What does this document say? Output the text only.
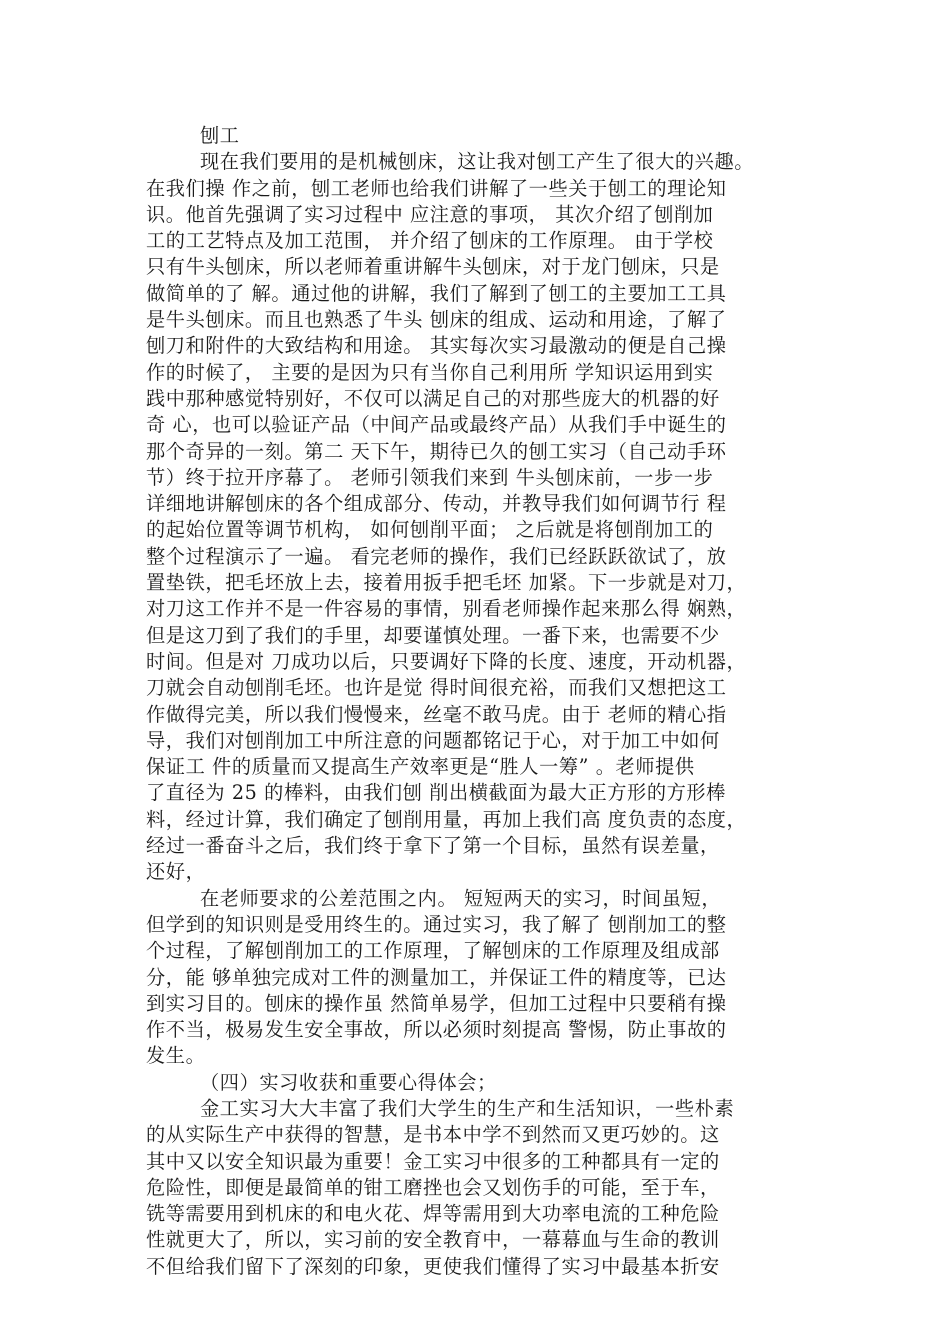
刨工
现在我们要用的是机械刨床，这让我对刨工产生了很大的兴趣。
在我们操 作之前，刨工老师也给我们讲解了一些关于刨工的理论知
识。他首先强调了实习过程中 应注意的事项， 其次介绍了刨削加
工的工艺特点及加工范围， 并介绍了刨床的工作原理。 由于学校
只有牛头刨床，所以老师着重讲解牛头刨床，对于龙门刨床，只是
做简单的了 解。通过他的讲解，我们了解到了刨工的主要加工工具
是牛头刨床。而且也熟悉了牛头 刨床的组成、运动和用途，了解了
刨刀和附件的大致结构和用途。 其实每次实习最激动的便是自己操
作的时候了， 主要的是因为只有当你自己利用所 学知识运用到实
践中那种感觉特别好，不仅可以满足自己的对那些庞大的机器的好
奇 心，也可以验证产品（中间产品或最终产品）从我们手中诞生的
那个奇异的一刻。第二 天下午，期待已久的刨工实习（自己动手环
节）终于拉开序幕了。 老师引领我们来到 牛头刨床前，一步一步
详细地讲解刨床的各个组成部分、传动，并教导我们如何调节行 程
的起始位置等调节机构， 如何刨削平面； 之后就是将刨削加工的
整个过程演示了一遍。 看完老师的操作，我们已经跃跃欲试了，放
置垫铁，把毛坯放上去，接着用扳手把毛坯 加紧。下一步就是对刀，
对刀这工作并不是一件容易的事情，别看老师操作起来那么得 娴熟，
但是这刀到了我们的手里，却要谨慎处理。一番下来，也需要不少
时间。但是对 刀成功以后，只要调好下降的长度、速度，开动机器，
刀就会自动刨削毛坯。也许是觉 得时间很充裕，而我们又想把这工
作做得完美，所以我们慢慢来，丝毫不敢马虎。由于 老师的精心指
导，我们对刨削加工中所注意的问题都铭记于心，对于加工中如何
保证工 件的质量而又提高生产效率更是“胜人一筹” 。老师提供
了直径为 25 的棒料，由我们刨 削出横截面为最大正方形的方形棒
料，经过计算，我们确定了刨削用量，再加上我们高 度负责的态度，
经过一番奋斗之后，我们终于拿下了第一个目标，虽然有误差量，
还好，
在老师要求的公差范围之内。 短短两天的实习，时间虽短，
但学到的知识则是受用终生的。通过实习，我了解了 刨削加工的整
个过程，了解刨削加工的工作原理，了解刨床的工作原理及组成部
分，能 够单独完成对工件的测量加工，并保证工件的精度等，已达
到实习目的。刨床的操作虽 然简单易学，但加工过程中只要稍有操
作不当，极易发生安全事故，所以必须时刻提高 警惕，防止事故的
发生。
（四）实习收获和重要心得体会；
金工实习大大丰富了我们大学生的生产和生活知识，一些朴素
的从实际生产中获得的智慧，是书本中学不到然而又更巧妙的。这
其中又以安全知识最为重要！金工实习中很多的工种都具有一定的
危险性，即便是最简单的钳工磨挫也会又划伤手的可能，至于车，
铣等需要用到机床的和电火花、焊等需用到大功率电流的工种危险
性就更大了，所以，实习前的安全教育中，一幕幕血与生命的教训
不但给我们留下了深刻的印象，更使我们懂得了实习中最基本折安
